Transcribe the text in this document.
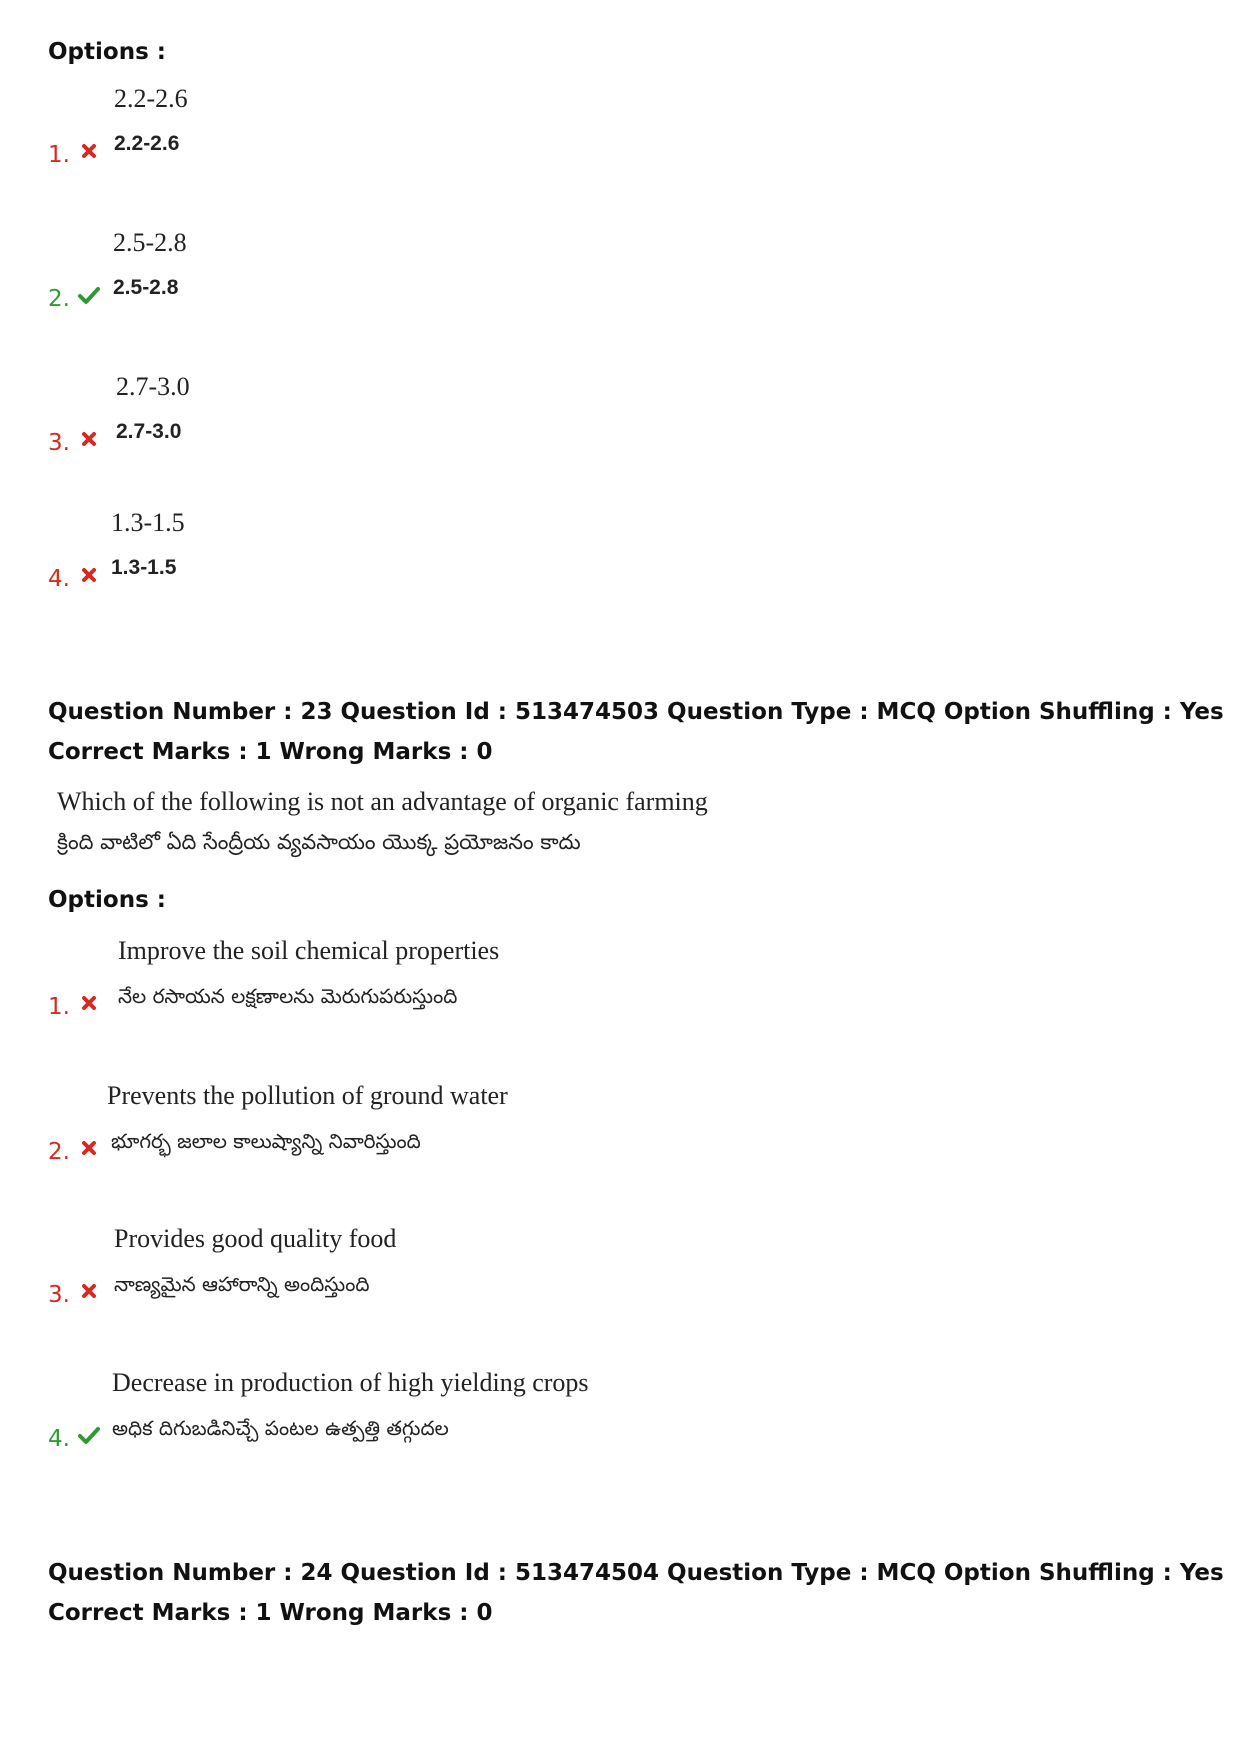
Options :
1.
2.2-2.6
2.2-2.6
2.
2.5-2.8
2.5-2.8
3.
2.7-3.0
2.7-3.0
4.
1.3-1.5
1.3-1.5
Question Number : 23 Question Id : 513474503 Question Type : MCQ Option Shuffling : Yes
Correct Marks : 1 Wrong Marks : 0
Which of the following is not an advantage of organic farming
క్రింది వాటిలో ఏది సేంద్రీయ వ్యవసాయం యొక్క ప్రయోజనం కాదు
Options :
1.
Improve the soil chemical properties
నేల రసాయన లక్షణాలను మెరుగుపరుస్తుంది
2.
Prevents the pollution of ground water
భూగర్భ జలాల కాలుష్యాన్ని నివారిస్తుంది
3.
Provides good quality food
నాణ్యమైన ఆహారాన్ని అందిస్తుంది
4.
Decrease in production of high yielding crops
అధిక దిగుబడినిచ్చే పంటల ఉత్పత్తి తగ్గుదల
Question Number : 24 Question Id : 513474504 Question Type : MCQ Option Shuffling : Yes
Correct Marks : 1 Wrong Marks : 0
